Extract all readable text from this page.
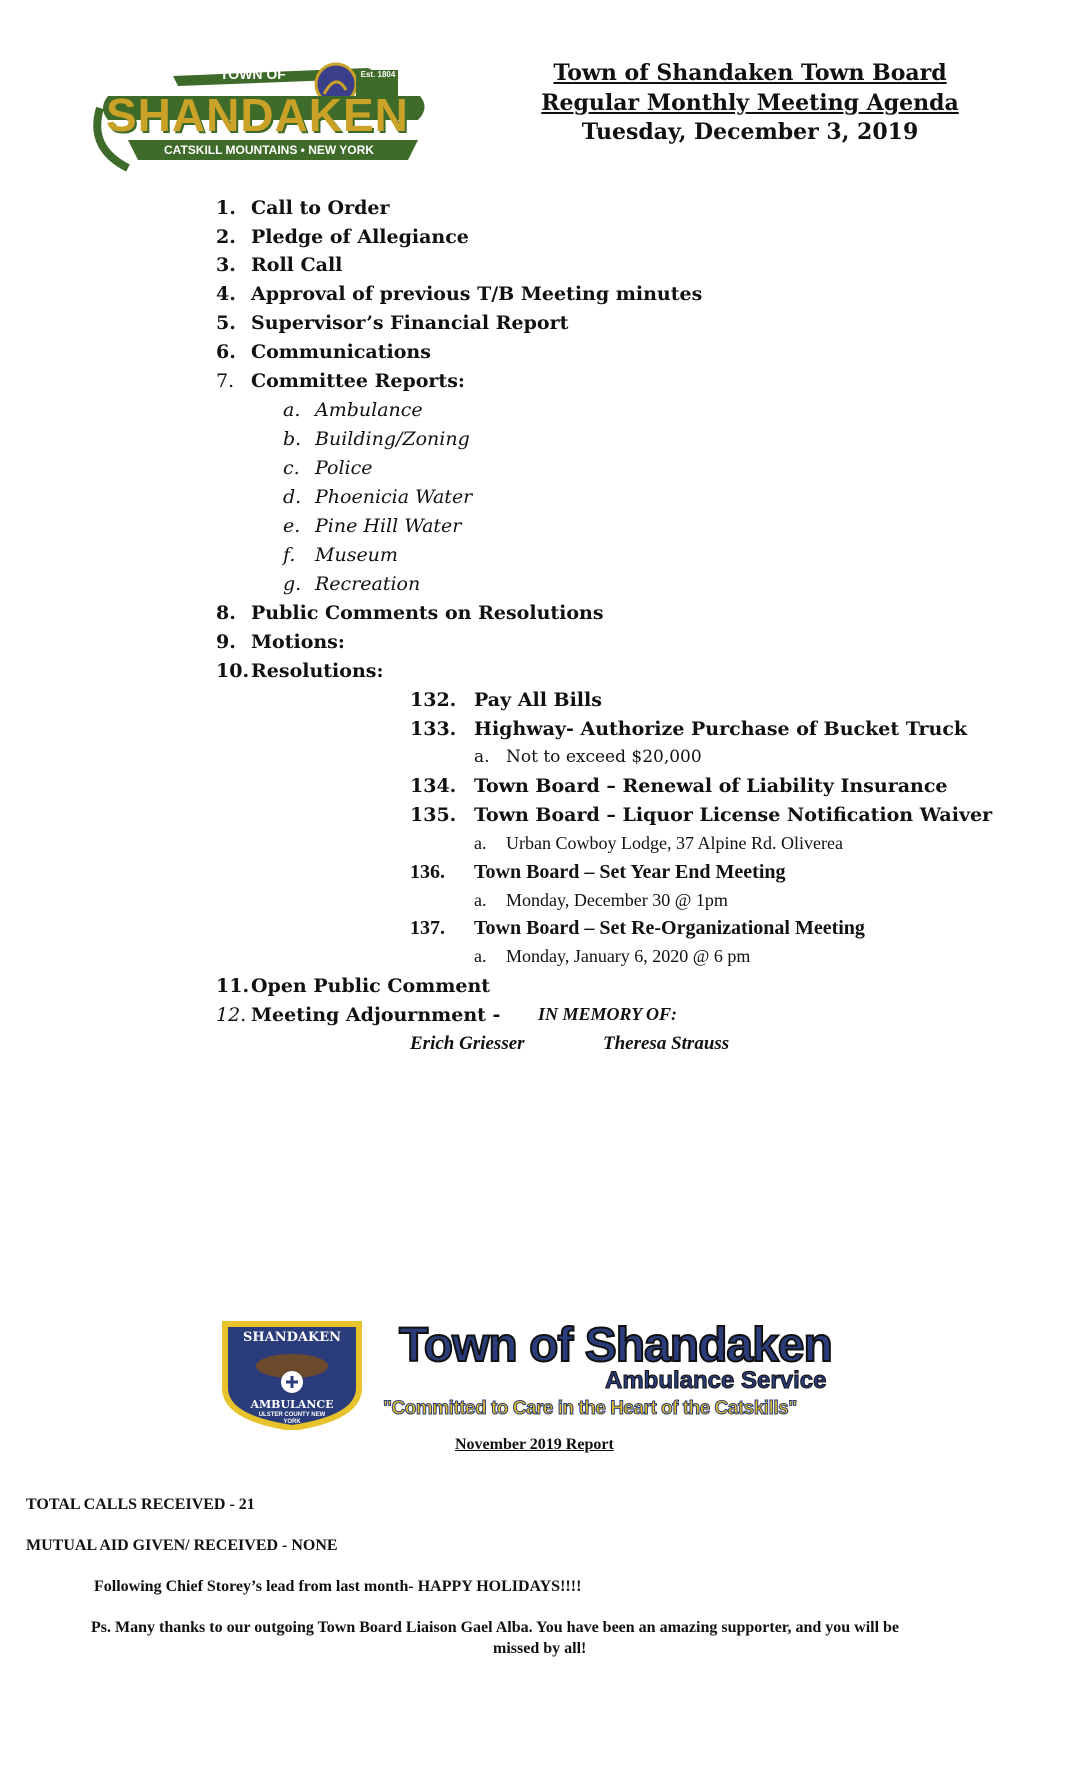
TOWN OF	Est. 1804
SHANDAKEN
CATSKILL MOUNTAINS • NEW YORK
Town of Shandaken Town Board
Regular Monthly Meeting Agenda
Tuesday, December 3, 2019
1. Call to Order
2. Pledge of Allegiance
3. Roll Call
4. Approval of previous T/B Meeting minutes
5. Supervisor’s Financial Report
6. Communications
7. Committee Reports:
a. Ambulance
b. Building/Zoning
c. Police
d. Phoenicia Water
e. Pine Hill Water
f. Museum
g. Recreation
8. Public Comments on Resolutions
9. Motions:
10. Resolutions:
132. Pay All Bills
133. Highway- Authorize Purchase of Bucket Truck
a. Not to exceed $20,000
134. Town Board – Renewal of Liability Insurance
135. Town Board – Liquor License Notification Waiver
a. Urban Cowboy Lodge, 37 Alpine Rd. Oliverea
136. Town Board – Set Year End Meeting
a. Monday, December 30 @ 1pm
137. Town Board – Set Re-Organizational Meeting
a. Monday, January 6, 2020 @ 6 pm
11. Open Public Comment
12. Meeting Adjournment - IN MEMORY OF:
Erich Griesser	Theresa Strauss
SHANDAKEN
AMBULANCE
ULSTER COUNTY NEW YORK
Town of Shandaken
Ambulance Service
"Committed to Care in the Heart of the Catskills"
November 2019 Report
TOTAL CALLS RECEIVED - 21
MUTUAL AID GIVEN/ RECEIVED - NONE
Following Chief Storey’s lead from last month- HAPPY HOLIDAYS!!!!
Ps. Many thanks to our outgoing Town Board Liaison Gael Alba. You have been an amazing supporter, and you will be
missed by all!
